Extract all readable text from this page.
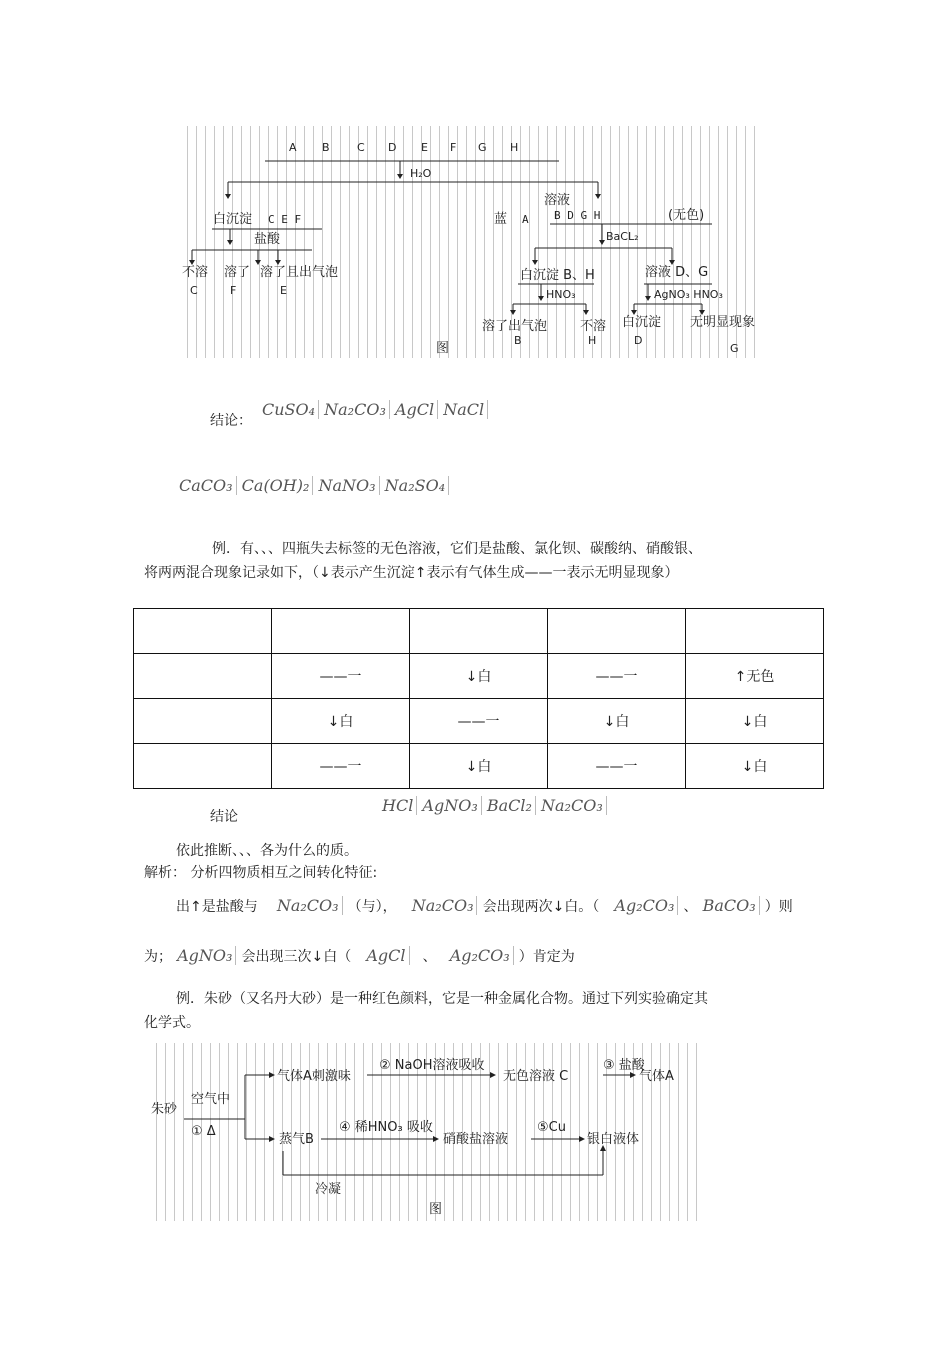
A B C D E F G H
H₂O
BaCL₂
HNO₃	AgNO₃ HNO₃
C	F	E
B	H	D
G
溶液
白沉淀 C E F	蓝 A B D G H	(无色)
盐酸
不溶 溶了 溶了且出气泡	白沉淀 B、H	溶液 D、G
溶了出气泡	不溶 白沉淀 无明显现象
图
结论：
CuSO₄ Na₂CO₃ AgCl NaCl
CaCO₃ Ca(OH)₂ NaNO₃ Na₂SO₄
例．有、、、四瓶失去标签的无色溶液，它们是盐酸、氯化钡、碳酸纳、硝酸银、
将两两混合现象记录如下，（↓表示产生沉淀↑表示有气体生成——一表示无明显现象）

	——一	↓白	——一	↑无色
	↓白	——一	↓白	↓白
	——一	↓白	——一	↓白
结论
HCl AgNO₃ BaCl₂ Na₂CO₃
依此推断、、、各为什么的质。
解析： 分析四物质相互之间转化特征:
出↑是盐酸与 Na₂CO₃ （与）， Na₂CO₃ 会出现两次↓白。（ Ag₂CO₃ 、 BaCO₃ ）则
为； AgNO₃ 会出现三次↓白（ AgCl 、 Ag₂CO₃ ）肯定为
例．朱砂（又名丹大砂）是一种红色颜料，它是一种金属化合物。通过下列实验确定其
化学式。
朱砂
空气中
① Δ
气体A刺激味
② NaOH溶液吸收
无色溶液 C
③ 盐酸
气体A
蒸气B
④ 稀HNO₃ 吸收
硝酸盐溶液
⑤Cu
银白液体
冷凝
图
